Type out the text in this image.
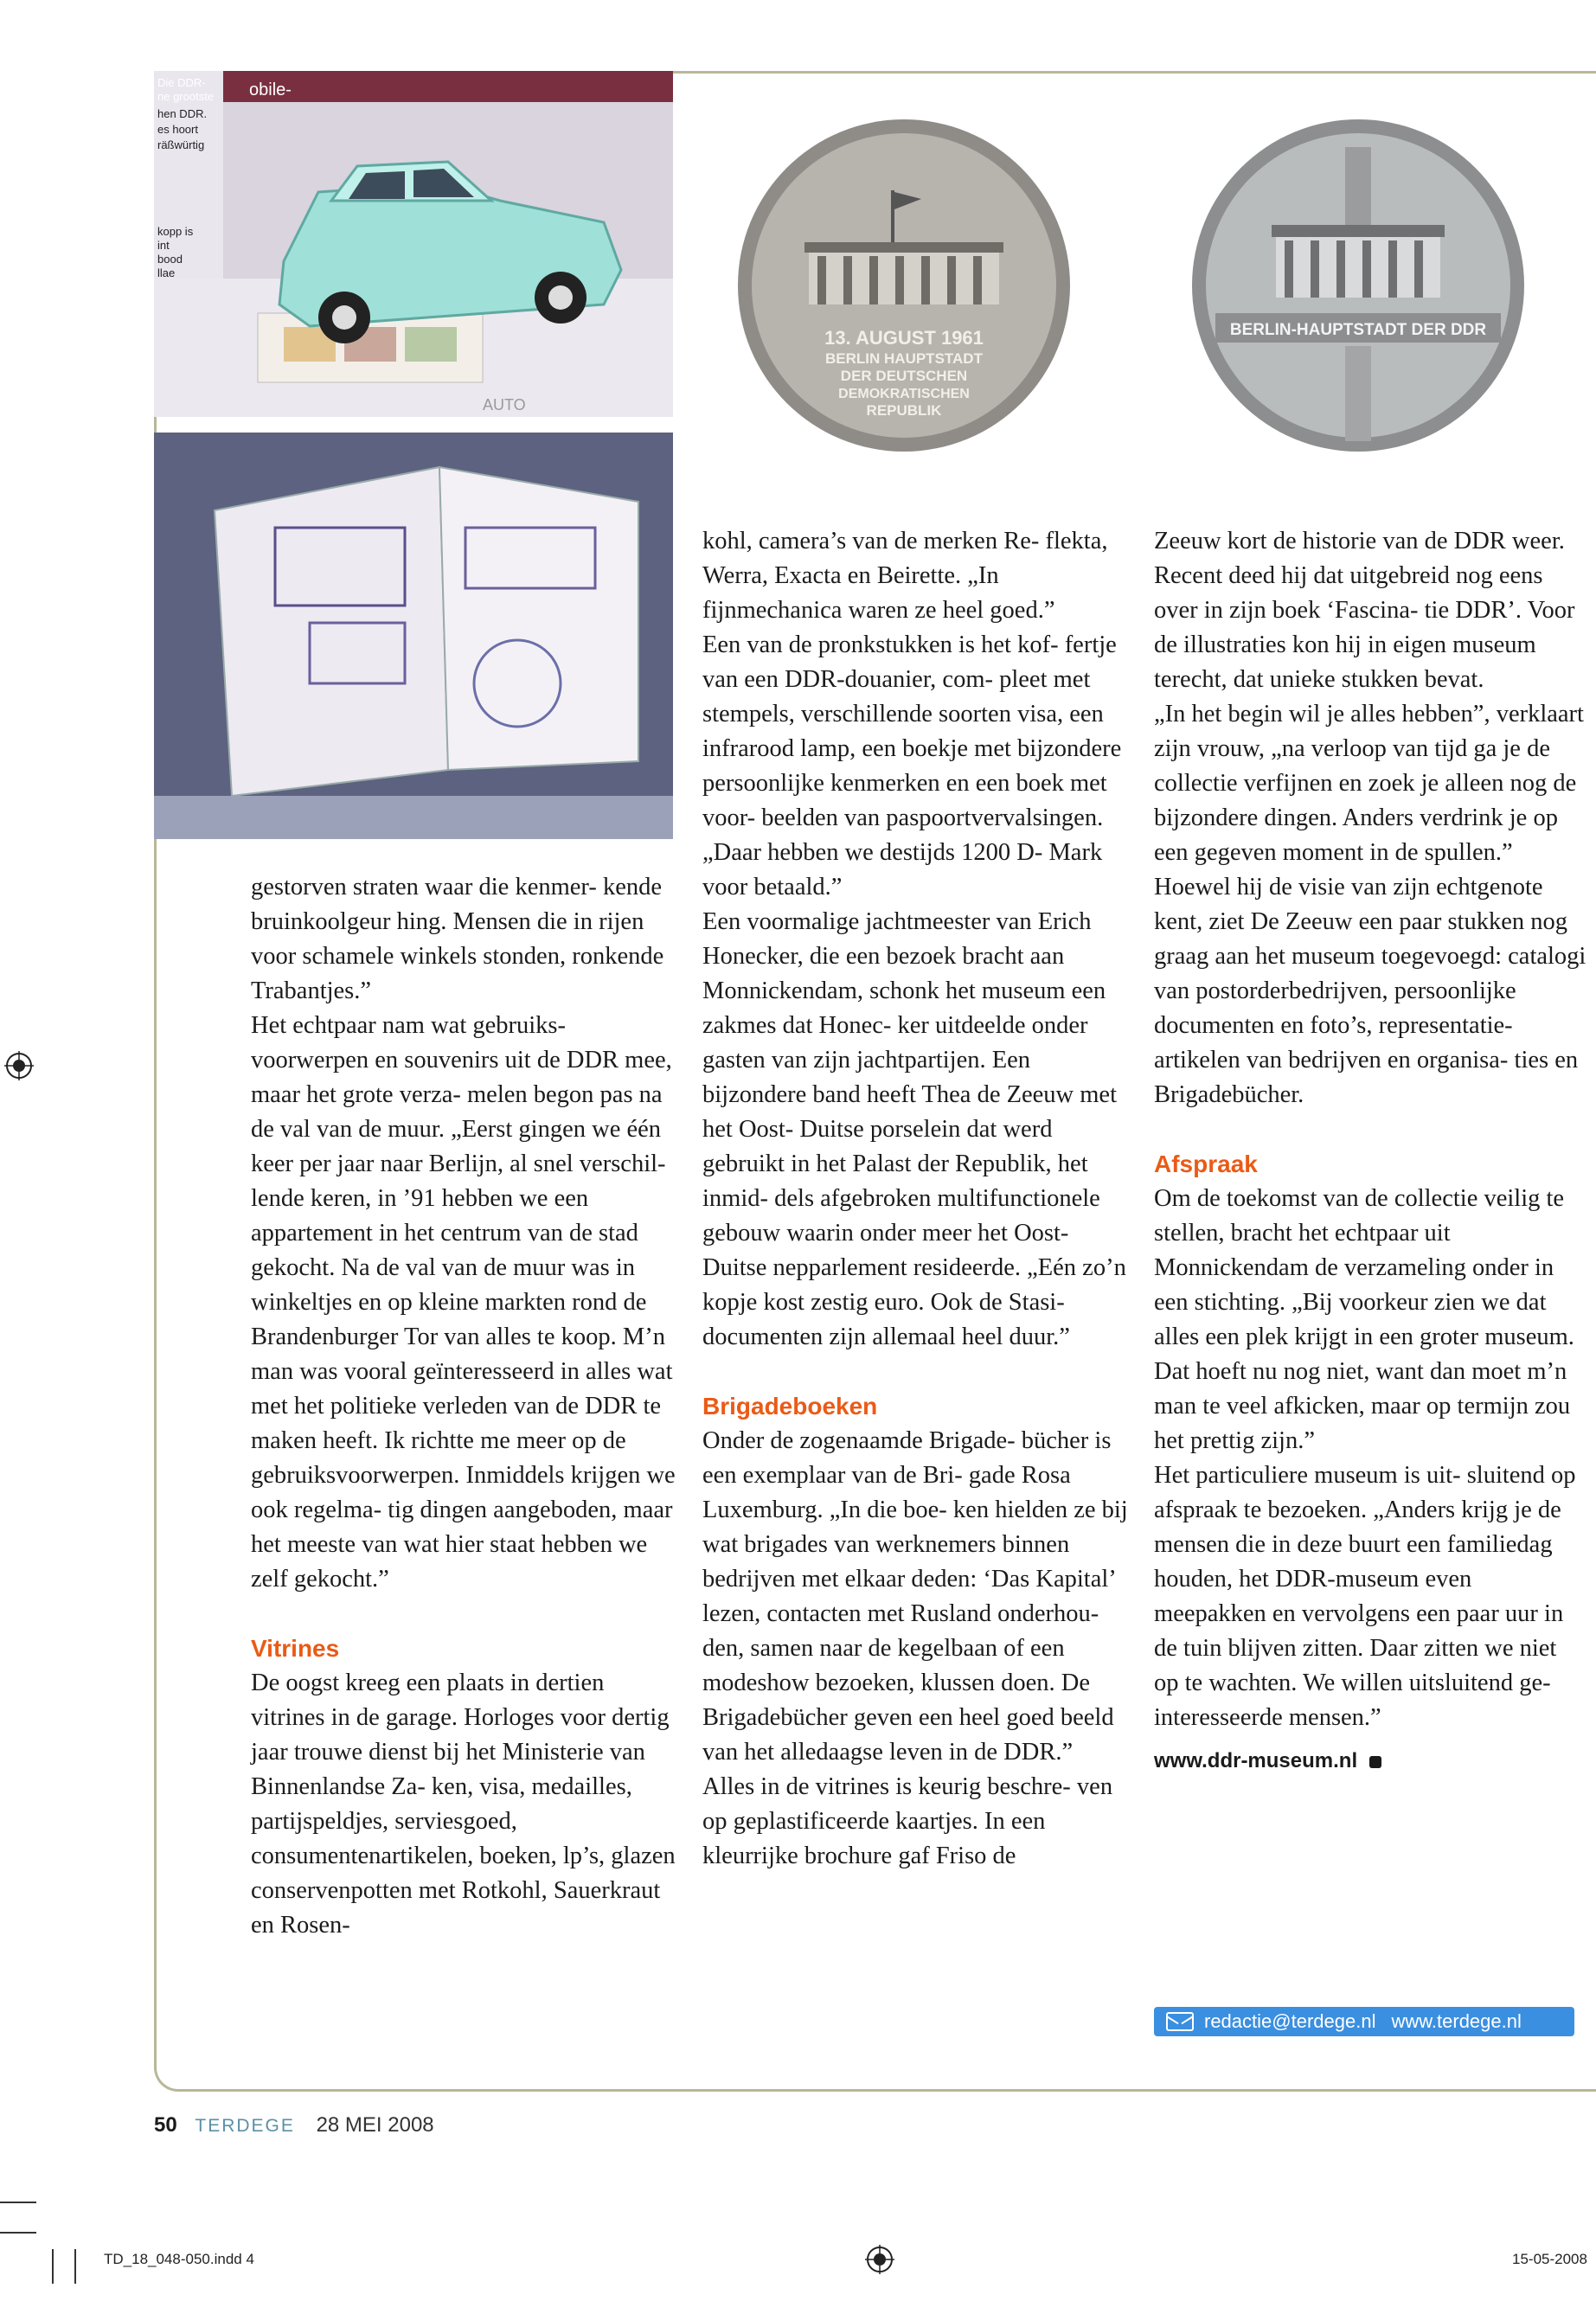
Die DDR-
ne grootste
hen DDR.
es hoort
räßwürtig
kopp is
int
bood
llae
AUTO
obile-
13. AUGUST 1961
BERLIN HAUPTSTADT
DER DEUTSCHEN
DEMOKRATISCHEN
REPUBLIK
BERLIN-HAUPTSTADT DER DDR

gestorven straten waar die kenmer- kende bruinkoolgeur hing. Mensen die in rijen voor schamele winkels stonden, ronkende Trabantjes.”

Het echtpaar nam wat gebruiks- voorwerpen en souvenirs uit de DDR mee, maar het grote verza- melen begon pas na de val van de muur. „Eerst gingen we één keer per jaar naar Berlijn, al snel verschil- lende keren, in ’91 hebben we een appartement in het centrum van de stad gekocht. Na de val van de muur was in winkeltjes en op kleine markten rond de Brandenburger Tor van alles te koop. M’n man was vooral geïnteresseerd in alles wat met het politieke verleden van de DDR te maken heeft. Ik richtte me meer op de gebruiksvoorwerpen. Inmiddels krijgen we ook regelma- tig dingen aangeboden, maar het meeste van wat hier staat hebben we zelf gekocht.”

Vitrines

De oogst kreeg een plaats in dertien vitrines in de garage. Horloges voor dertig jaar trouwe dienst bij het Ministerie van Binnenlandse Za- ken, visa, medailles, partijspeldjes, serviesgoed, consumentenartikelen, boeken, lp’s, glazen conservenpotten met Rotkohl, Sauerkraut en Rosen-

kohl, camera’s van de merken Re- flekta, Werra, Exacta en Beirette. „In fijnmechanica waren ze heel goed.”

Een van de pronkstukken is het kof- fertje van een DDR-douanier, com- pleet met stempels, verschillende soorten visa, een infrarood lamp, een boekje met bijzondere persoonlijke kenmerken en een boek met voor- beelden van paspoortvervalsingen. „Daar hebben we destijds 1200 D- Mark voor betaald.”

Een voormalige jachtmeester van Erich Honecker, die een bezoek bracht aan Monnickendam, schonk het museum een zakmes dat Honec- ker uitdeelde onder gasten van zijn jachtpartijen. Een bijzondere band heeft Thea de Zeeuw met het Oost- Duitse porselein dat werd gebruikt in het Palast der Republik, het inmid- dels afgebroken multifunctionele gebouw waarin onder meer het Oost- Duitse nepparlement resideerde. „Eén zo’n kopje kost zestig euro. Ook de Stasi-documenten zijn allemaal heel duur.”

Brigadeboeken

Onder de zogenaamde Brigade- bücher is een exemplaar van de Bri- gade Rosa Luxemburg. „In die boe- ken hielden ze bij wat brigades van werknemers binnen bedrijven met elkaar deden: ‘Das Kapital’ lezen, contacten met Rusland onderhou- den, samen naar de kegelbaan of een modeshow bezoeken, klussen doen. De Brigadebücher geven een heel goed beeld van het alledaagse leven in de DDR.”

Alles in de vitrines is keurig beschre- ven op geplastificeerde kaartjes. In een kleurrijke brochure gaf Friso de

Zeeuw kort de historie van de DDR weer. Recent deed hij dat uitgebreid nog eens over in zijn boek ‘Fascina- tie DDR’. Voor de illustraties kon hij in eigen museum terecht, dat unieke stukken bevat.

„In het begin wil je alles hebben”, verklaart zijn vrouw, „na verloop van tijd ga je de collectie verfijnen en zoek je alleen nog de bijzondere dingen. Anders verdrink je op een gegeven moment in de spullen.” Hoewel hij de visie van zijn echtgenote kent, ziet De Zeeuw een paar stukken nog graag aan het museum toegevoegd: catalogi van postorderbedrijven, persoonlijke documenten en foto’s, representatie- artikelen van bedrijven en organisa- ties en Brigadebücher.

Afspraak

Om de toekomst van de collectie veilig te stellen, bracht het echtpaar uit Monnickendam de verzameling onder in een stichting. „Bij voorkeur zien we dat alles een plek krijgt in een groter museum. Dat hoeft nu nog niet, want dan moet m’n man te veel afkicken, maar op termijn zou het prettig zijn.”

Het particuliere museum is uit- sluitend op afspraak te bezoeken. „Anders krijg je de mensen die in deze buurt een familiedag houden, het DDR-museum even meepakken en vervolgens een paar uur in de tuin blijven zitten. Daar zitten we niet op te wachten. We willen uitsluitend ge- interesseerde mensen.”

www.ddr-museum.nl

redactie@terdege.nl www.terdege.nl
50 TERDEGE 28 MEI 2008
TD_18_048-050.indd 4	15-05-2008
